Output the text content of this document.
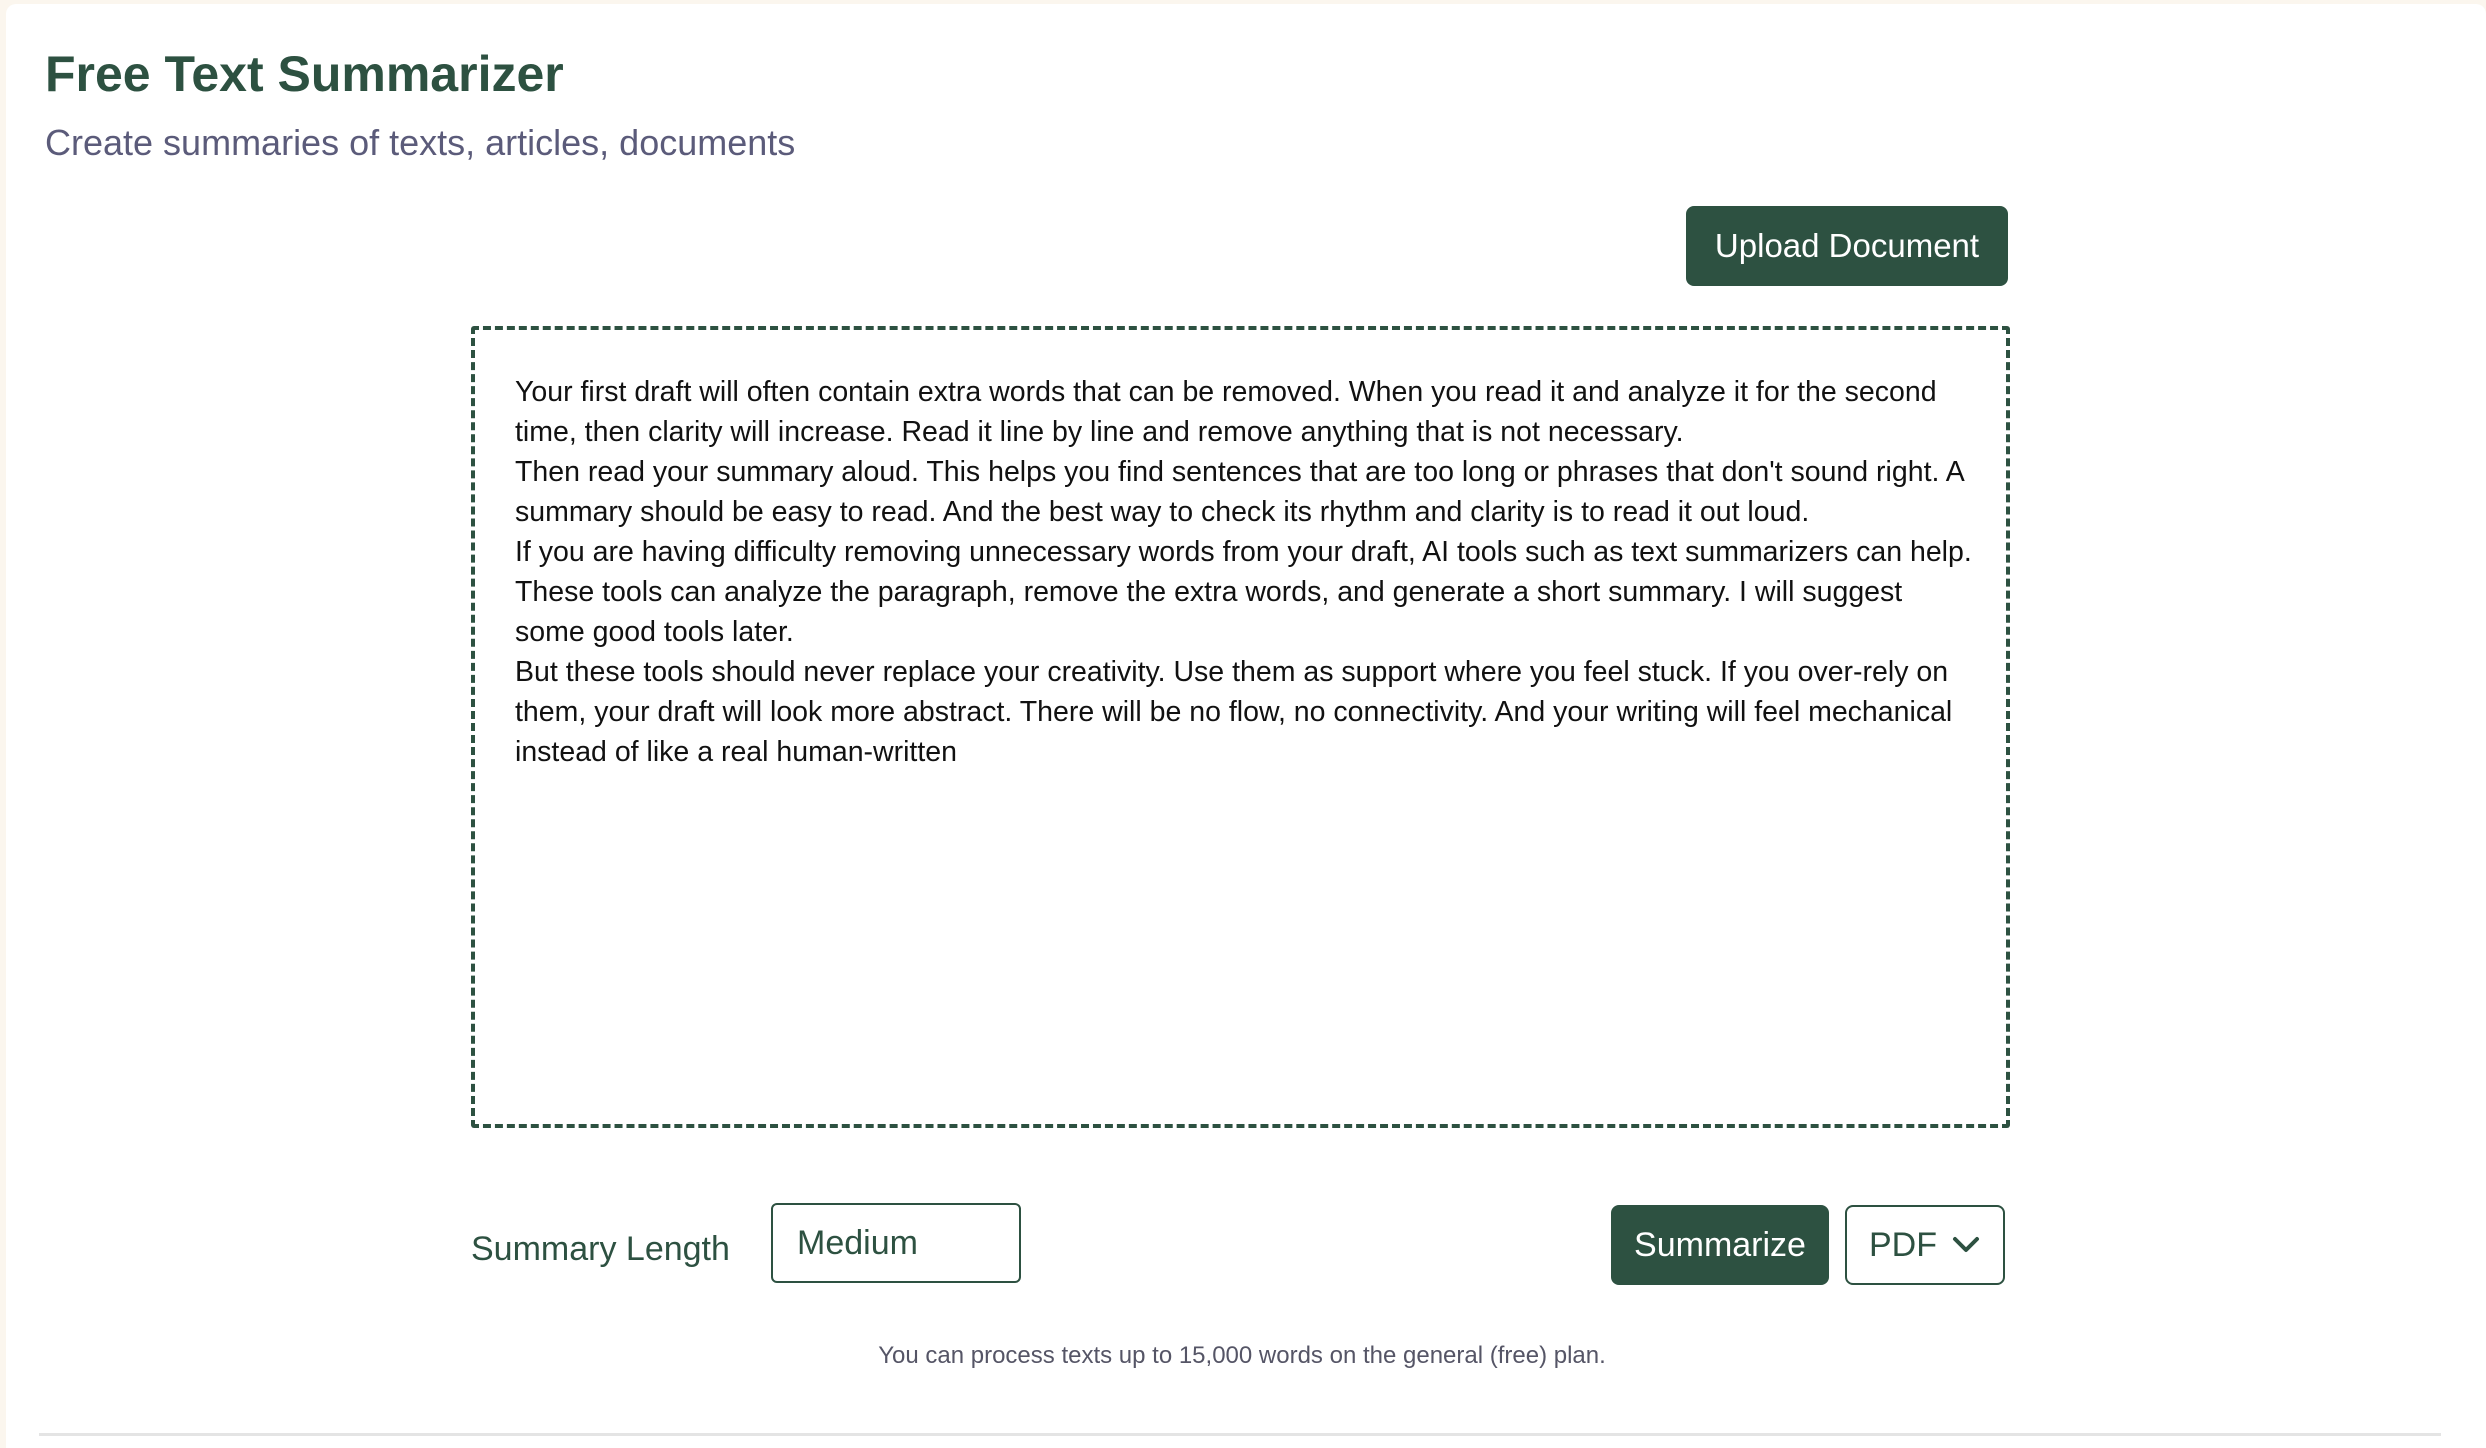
Free Text Summarizer

Create summaries of texts, articles, documents

Upload Document
Your first draft will often contain extra words that can be removed. When you read it and analyze it for the second time, then clarity will increase. Read it line by line and remove anything that is not necessary. Then read your summary aloud. This helps you find sentences that are too long or phrases that don't sound right. A summary should be easy to read. And the best way to check its rhythm and clarity is to read it out loud. If you are having difficulty removing unnecessary words from your draft, AI tools such as text summarizers can help. These tools can analyze the paragraph, remove the extra words, and generate a short summary. I will suggest some good tools later. But these tools should never replace your creativity. Use them as support where you feel stuck. If you over-rely on them, your draft will look more abstract. There will be no flow, no connectivity. And your writing will feel mechanical instead of like a real human-written
Summary Length	Medium	Summarize	PDF
You can process texts up to 15,000 words on the general (free) plan.
